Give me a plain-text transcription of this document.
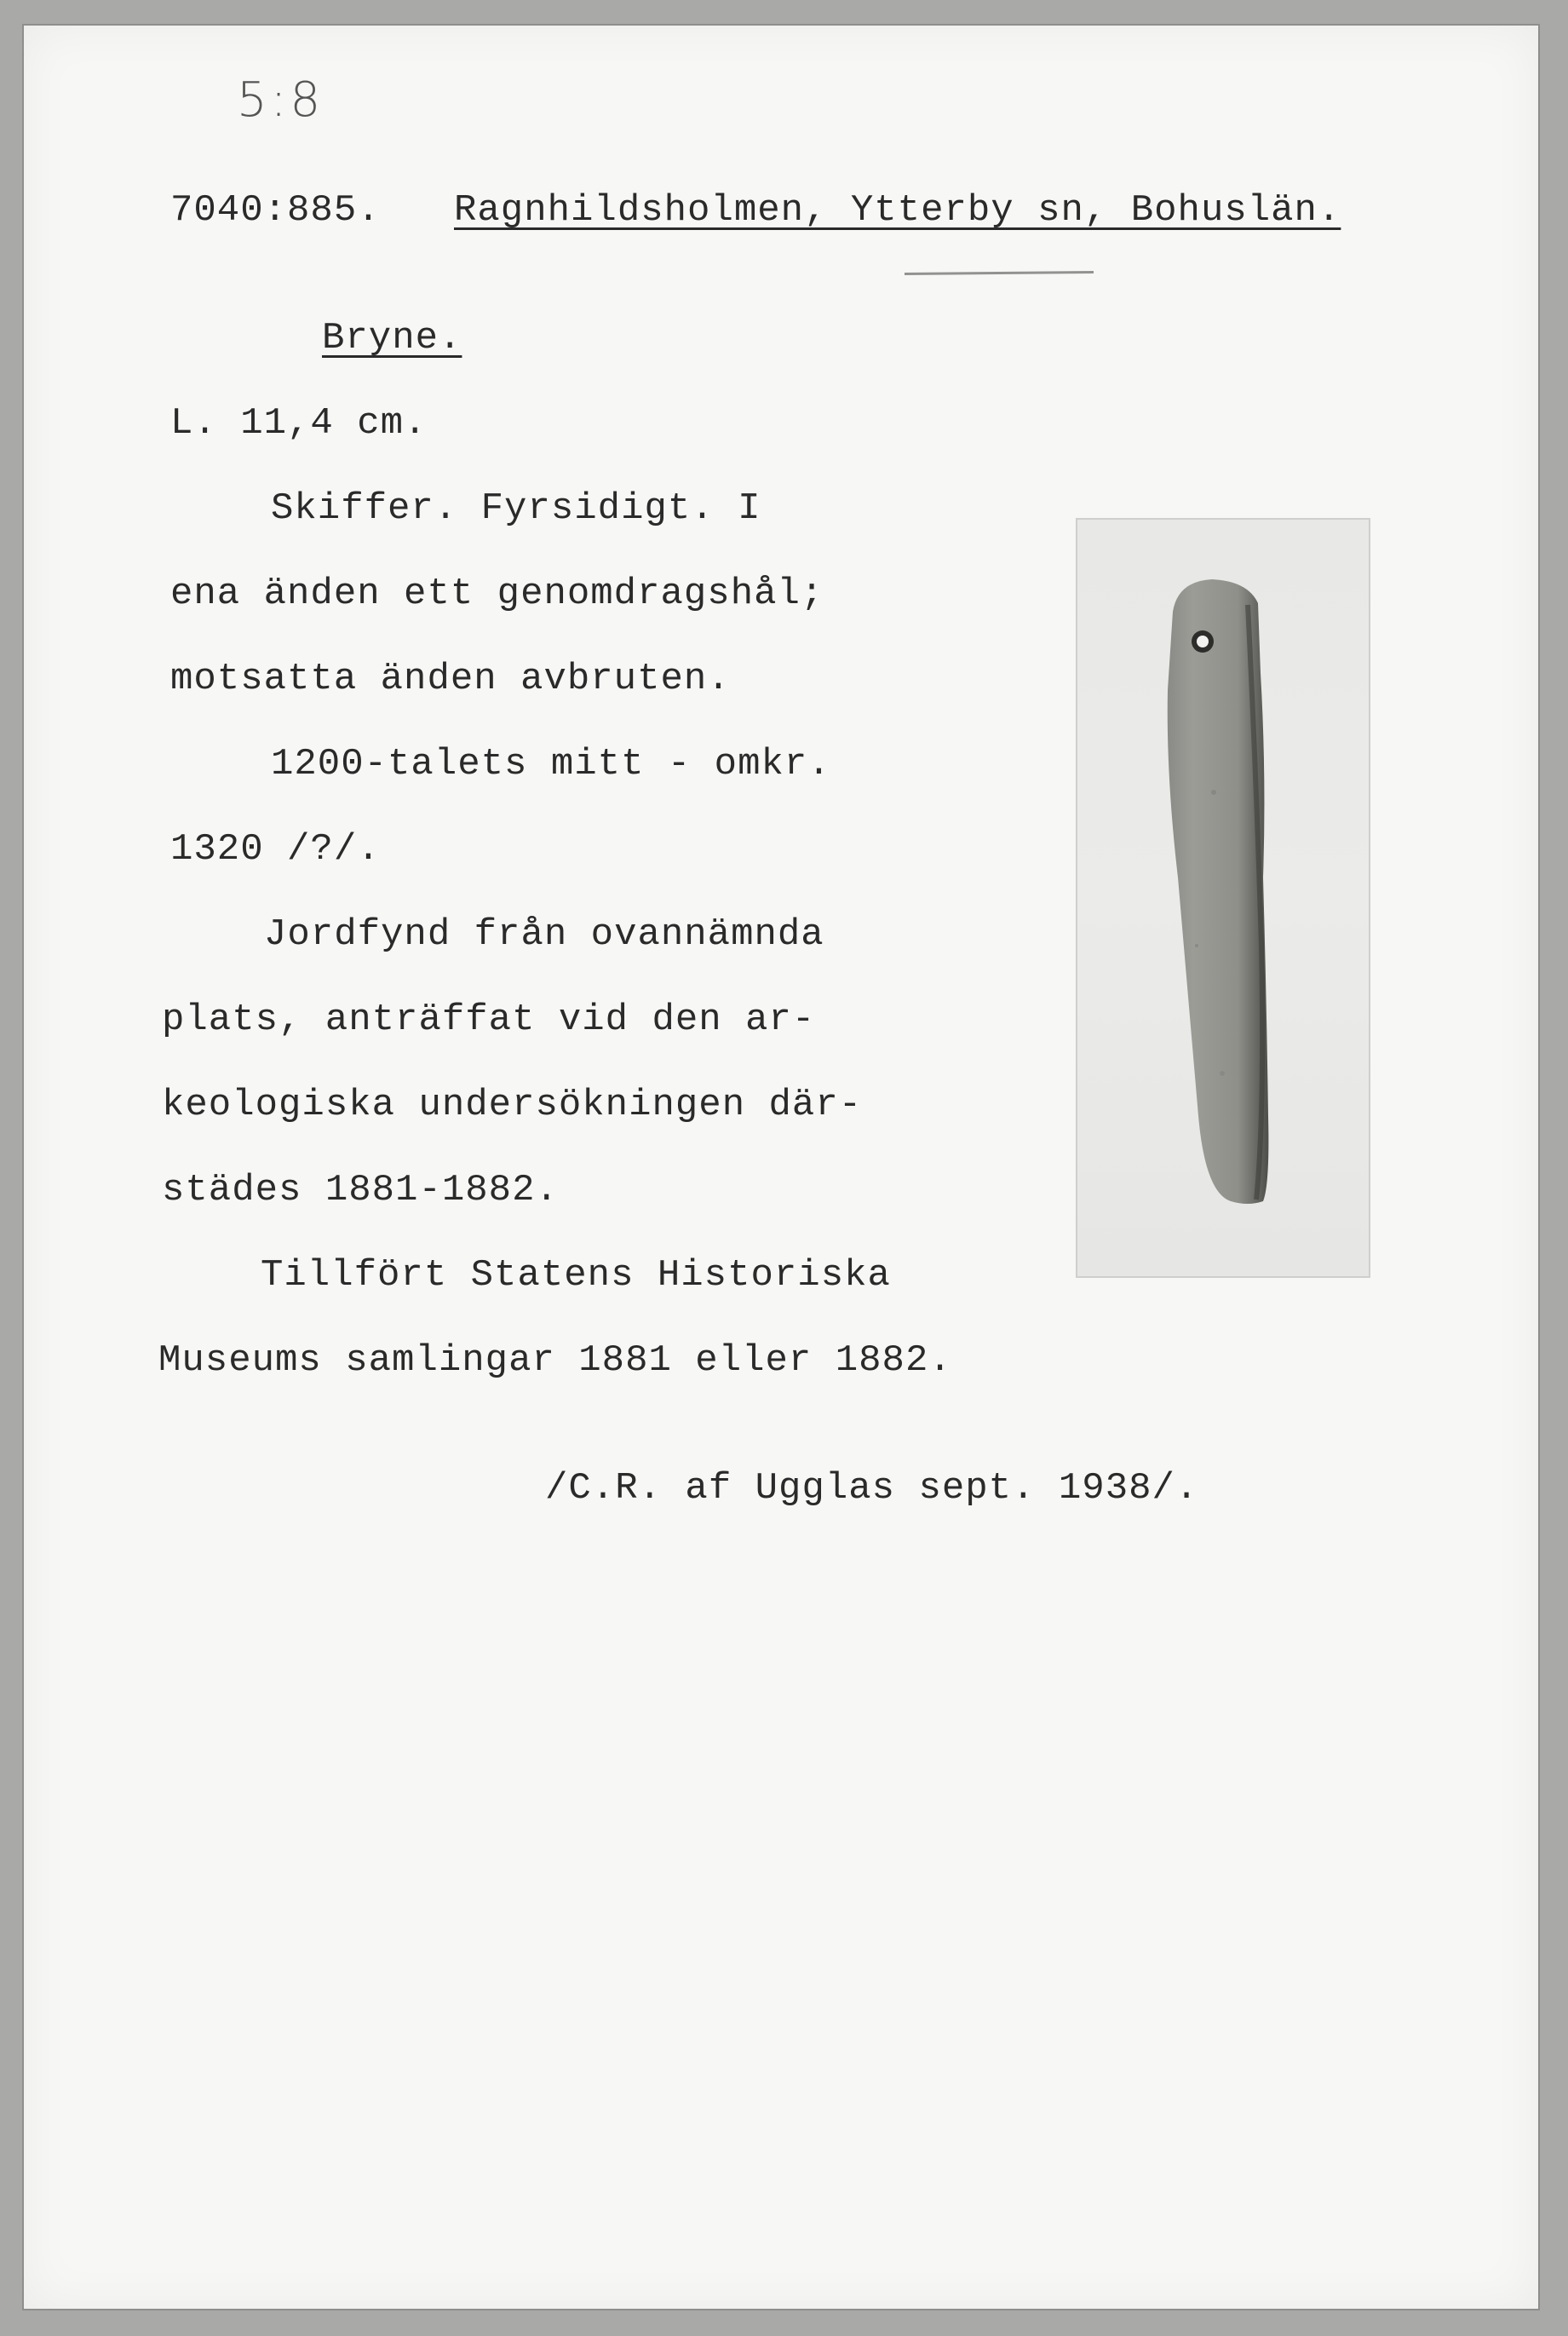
5:8
7040:885. Ragnhildsholmen, Ytterby sn, Bohuslän.
Bryne.
L. 11,4 cm.
Skiffer. Fyrsidigt. I
ena änden ett genomdragshål;
motsatta änden avbruten.
1200-talets mitt - omkr.
1320 /?/.
Jordfynd från ovannämnda
plats, anträffat vid den ar-
keologiska undersökningen där-
städes 1881-1882.
Tillfört Statens Historiska
Museums samlingar 1881 eller 1882.
/C.R. af Ugglas sept. 1938/.
